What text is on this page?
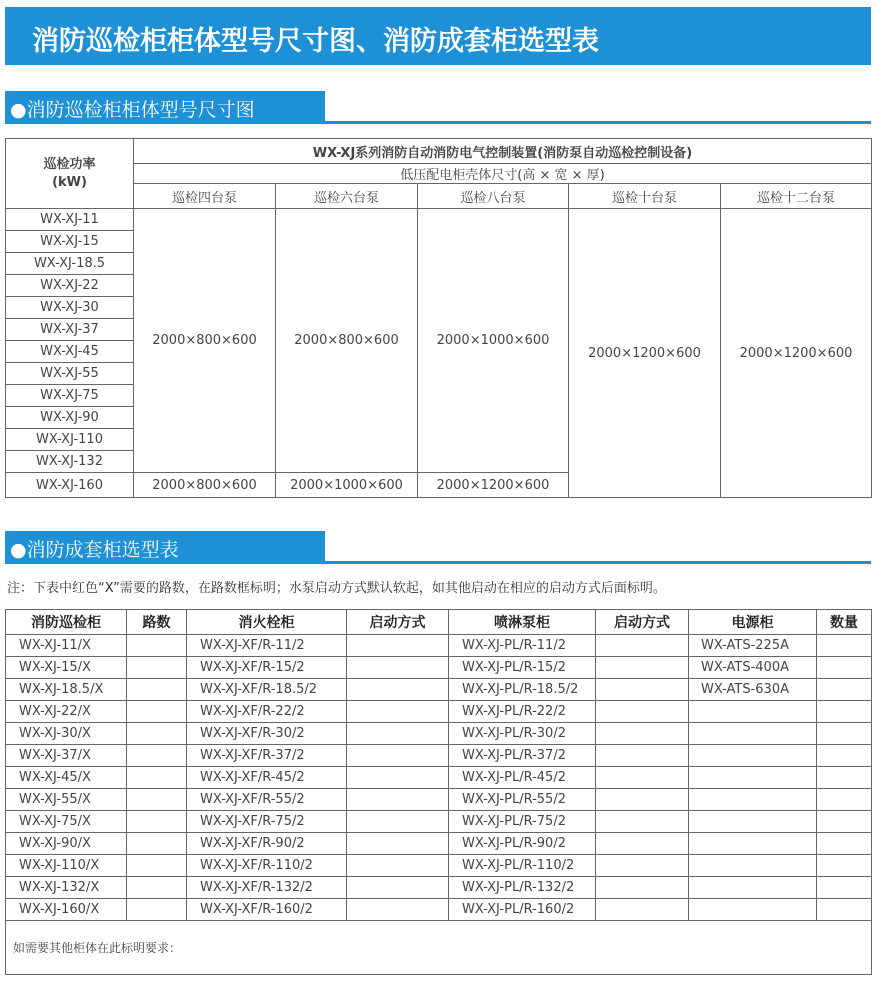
消防巡检柜柜体型号尺寸图、消防成套柜选型表
●消防巡检柜柜体型号尺寸图
巡检功率
(kW)	WX-XJ系列消防自动消防电气控制装置(消防泵自动巡检控制设备)				
	低压配电柜壳体尺寸(高 × 宽 × 厚)				
	巡检四台泵	巡检六台泵	巡检八台泵	巡检十台泵	巡检十二台泵
WX-XJ-11	2000×800×600	2000×800×600	2000×1000×600	2000×1200×600	2000×1200×600
WX-XJ-15					
WX-XJ-18.5					
WX-XJ-22					
WX-XJ-30					
WX-XJ-37					
WX-XJ-45					
WX-XJ-55					
WX-XJ-75					
WX-XJ-90					
WX-XJ-110					
WX-XJ-132					
WX-XJ-160	2000×800×600	2000×1000×600	2000×1200×600		
●消防成套柜选型表
注：下表中红色“X”需要的路数，在路数框标明；水泵启动方式默认软起，如其他启动在相应的启动方式后面标明。
消防巡检柜	路数	消火栓柜	启动方式	喷淋泵柜	启动方式	电源柜	数量
WX-XJ-11/X		WX-XJ-XF/R-11/2		WX-XJ-PL/R-11/2		WX-ATS-225A	
WX-XJ-15/X		WX-XJ-XF/R-15/2		WX-XJ-PL/R-15/2		WX-ATS-400A	
WX-XJ-18.5/X		WX-XJ-XF/R-18.5/2		WX-XJ-PL/R-18.5/2		WX-ATS-630A	
WX-XJ-22/X		WX-XJ-XF/R-22/2		WX-XJ-PL/R-22/2			
WX-XJ-30/X		WX-XJ-XF/R-30/2		WX-XJ-PL/R-30/2			
WX-XJ-37/X		WX-XJ-XF/R-37/2		WX-XJ-PL/R-37/2			
WX-XJ-45/X		WX-XJ-XF/R-45/2		WX-XJ-PL/R-45/2			
WX-XJ-55/X		WX-XJ-XF/R-55/2		WX-XJ-PL/R-55/2			
WX-XJ-75/X		WX-XJ-XF/R-75/2		WX-XJ-PL/R-75/2			
WX-XJ-90/X		WX-XJ-XF/R-90/2		WX-XJ-PL/R-90/2			
WX-XJ-110/X		WX-XJ-XF/R-110/2		WX-XJ-PL/R-110/2			
WX-XJ-132/X		WX-XJ-XF/R-132/2		WX-XJ-PL/R-132/2			
WX-XJ-160/X		WX-XJ-XF/R-160/2		WX-XJ-PL/R-160/2			
如需要其他柜体在此标明要求：							
